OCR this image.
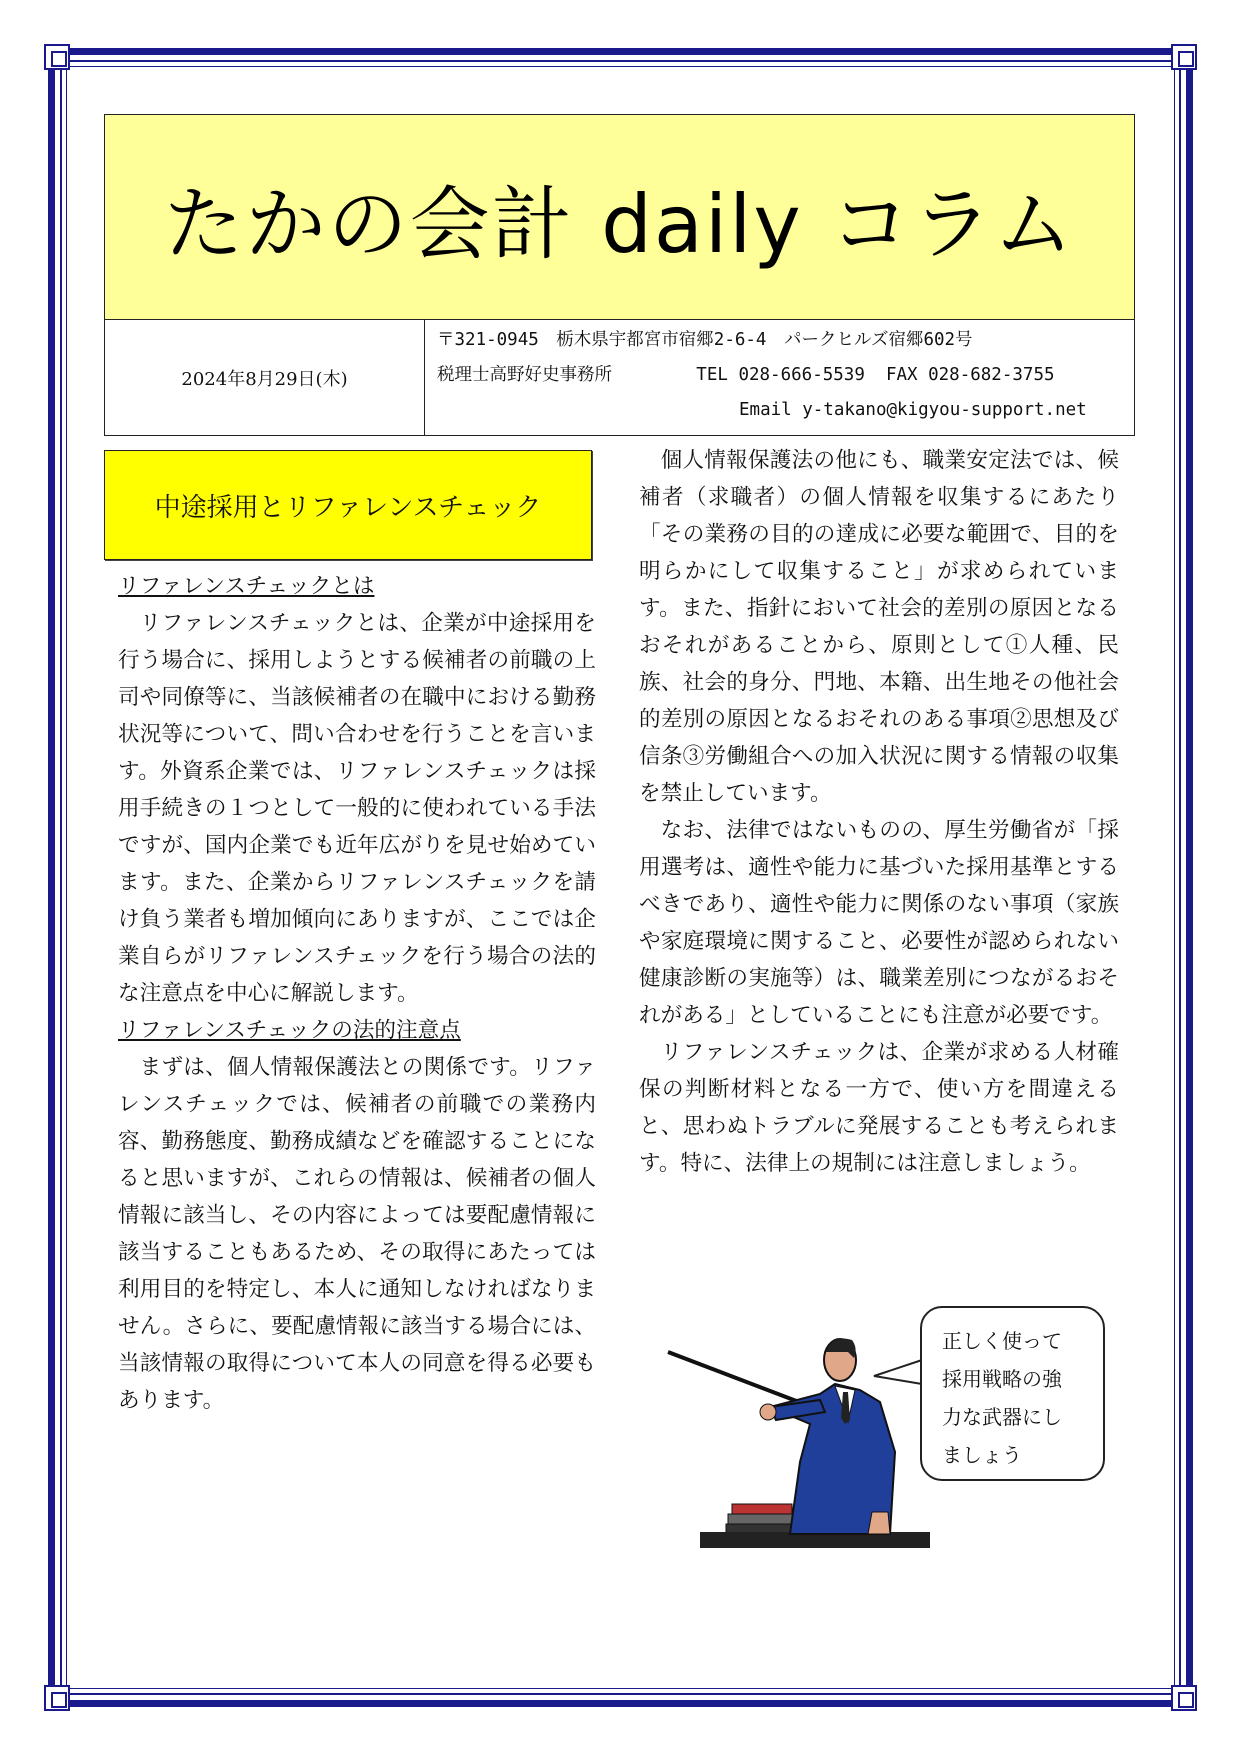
たかの会計 daily コラム
2024年8月29日(木)
〒321-0945　栃木県宇都宮市宿郷2-6-4　パークヒルズ宿郷602号
税理士高野好史事務所	TEL 028-666-5539  FAX 028-682-3755
Email y-takano@kigyou-support.net
中途採用とリファレンスチェック
リファレンスチェックとは

リファレンスチェックとは、企業が中途採用を行う場合に、採用しようとする候補者の前職の上司や同僚等に、当該候補者の在職中における勤務状況等について、問い合わせを行うことを言います。外資系企業では、リファレンスチェックは採用手続きの１つとして一般的に使われている手法ですが、国内企業でも近年広がりを見せ始めています。また、企業からリファレンスチェックを請け負う業者も増加傾向にありますが、ここでは企業自らがリファレンスチェックを行う場合の法的な注意点を中心に解説します。

リファレンスチェックの法的注意点

まずは、個人情報保護法との関係です。リファレンスチェックでは、候補者の前職での業務内容、勤務態度、勤務成績などを確認することになると思いますが、これらの情報は、候補者の個人情報に該当し、その内容によっては要配慮情報に該当することもあるため、その取得にあたっては利用目的を特定し、本人に通知しなければなりません。さらに、要配慮情報に該当する場合には、当該情報の取得について本人の同意を得る必要もあります。

個人情報保護法の他にも、職業安定法では、候補者（求職者）の個人情報を収集するにあたり「その業務の目的の達成に必要な範囲で、目的を明らかにして収集すること」が求められています。また、指針において社会的差別の原因となるおそれがあることから、原則として①人種、民族、社会的身分、門地、本籍、出生地その他社会的差別の原因となるおそれのある事項②思想及び信条③労働組合への加入状況に関する情報の収集を禁止しています。

なお、法律ではないものの、厚生労働省が「採用選考は、適性や能力に基づいた採用基準とするべきであり、適性や能力に関係のない事項（家族や家庭環境に関すること、必要性が認められない健康診断の実施等）は、職業差別につながるおそれがある」としていることにも注意が必要です。

リファレンスチェックは、企業が求める人材確保の判断材料となる一方で、使い方を間違えると、思わぬトラブルに発展することも考えられます。特に、法律上の規制には注意しましょう。

正しく使って
採用戦略の強
力な武器にし
ましょう
